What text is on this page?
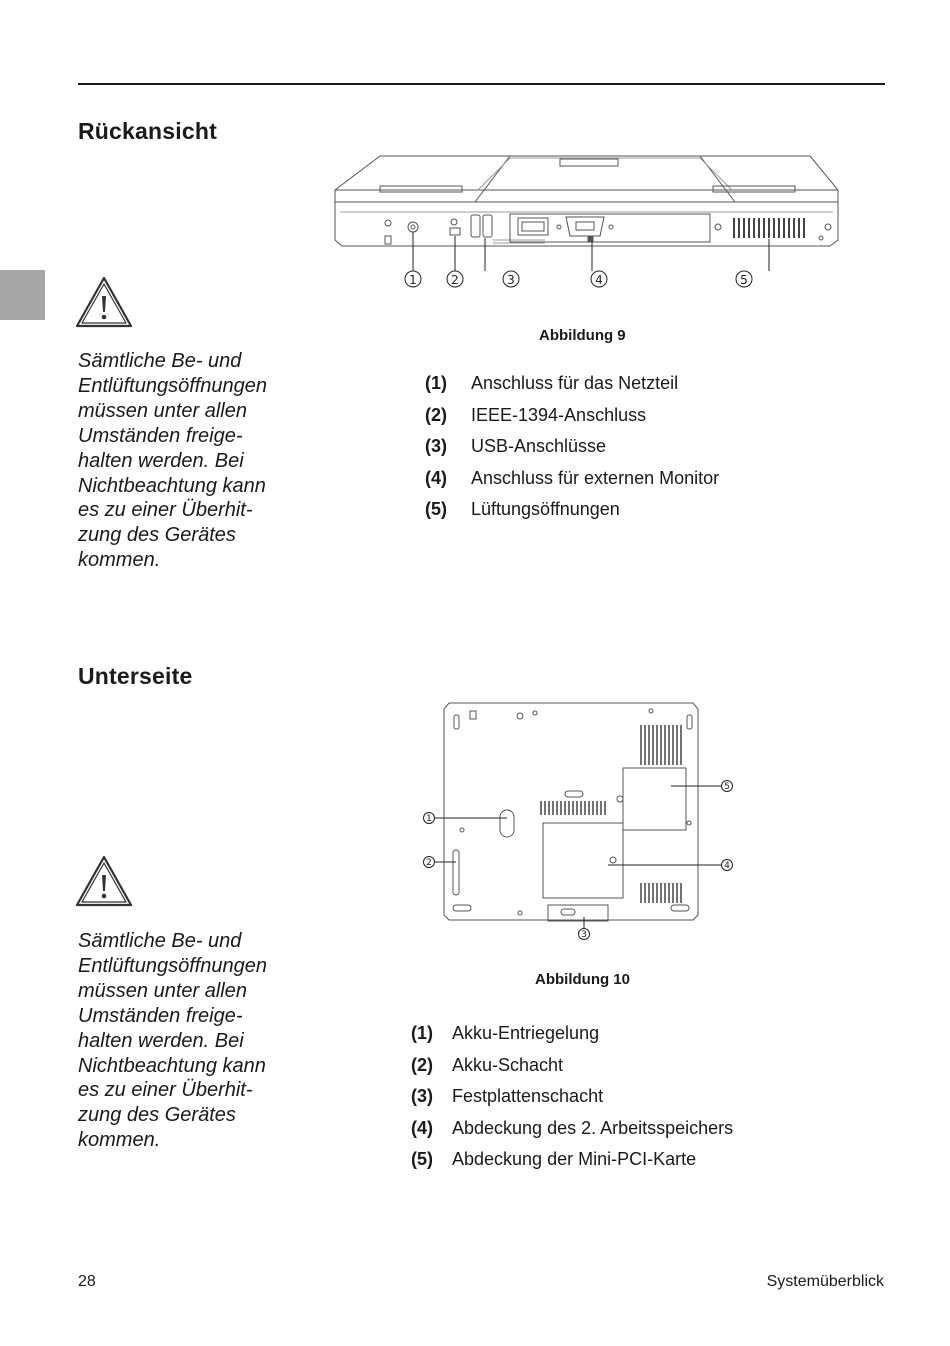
Rückansicht
Sämtliche Be- und
Entlüftungsöffnungen
müssen unter allen
Umständen freige-
halten werden. Bei
Nichtbeachtung kann
es zu einer Überhit-
zung des Gerätes
kommen.
1	2	3	4	5
Abbildung 9
(1)	Anschluss für das Netzteil
(2)	IEEE-1394-Anschluss
(3)	USB-Anschlüsse
(4)	Anschluss für externen Monitor
(5)	Lüftungsöffnungen
Unterseite
Sämtliche Be- und
Entlüftungsöffnungen
müssen unter allen
Umständen freige-
halten werden. Bei
Nichtbeachtung kann
es zu einer Überhit-
zung des Gerätes
kommen.
1
2
3
4
5
Abbildung 10
(1)	Akku-Entriegelung
(2)	Akku-Schacht
(3)	Festplattenschacht
(4)	Abdeckung des 2. Arbeitsspeichers
(5)	Abdeckung der Mini-PCI-Karte
28	Systemüberblick
